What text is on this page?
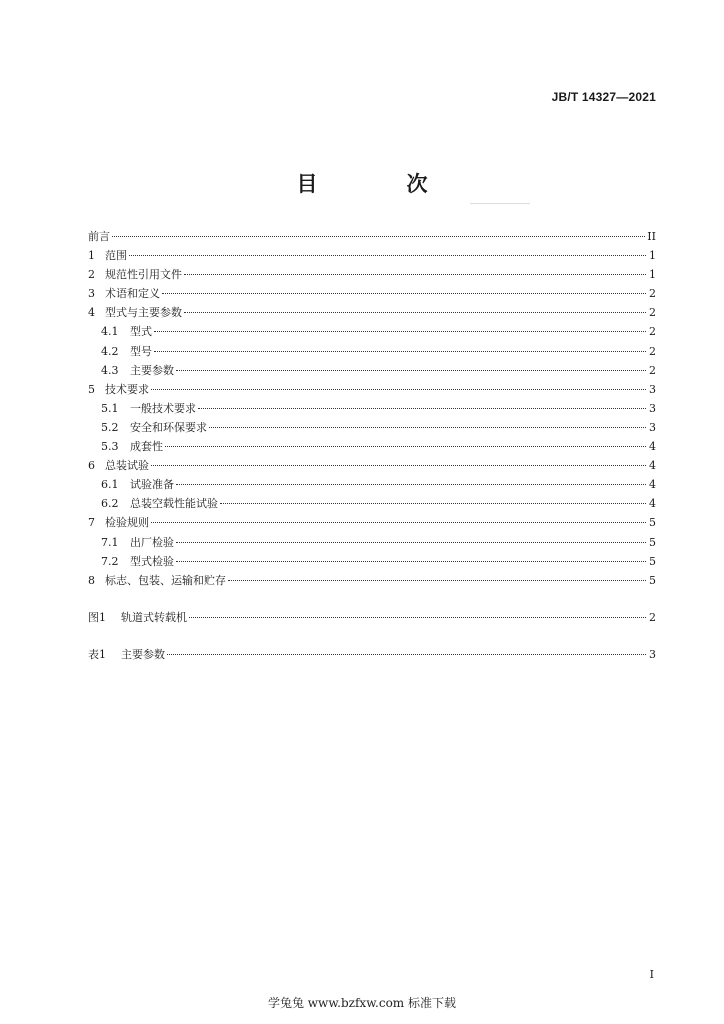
JB/T 14327—2021
目　次
前言	II
1 范围	1
2 规范性引用文件	1
3 术语和定义	2
4 型式与主要参数	2
4.1	型式	2
4.2	型号	2
4.3	主要参数	2
5 技术要求	3
5.1	一般技术要求	3
5.2	安全和环保要求	3
5.3	成套性	4
6 总装试验	4
6.1	试验准备	4
6.2	总装空载性能试验	4
7 检验规则	5
7.1	出厂检验	5
7.2	型式检验	5
8 标志、包装、运输和贮存	5
图1	轨道式转载机	2
表1	主要参数	3
I
学兔兔 www.bzfxw.com 标准下载
